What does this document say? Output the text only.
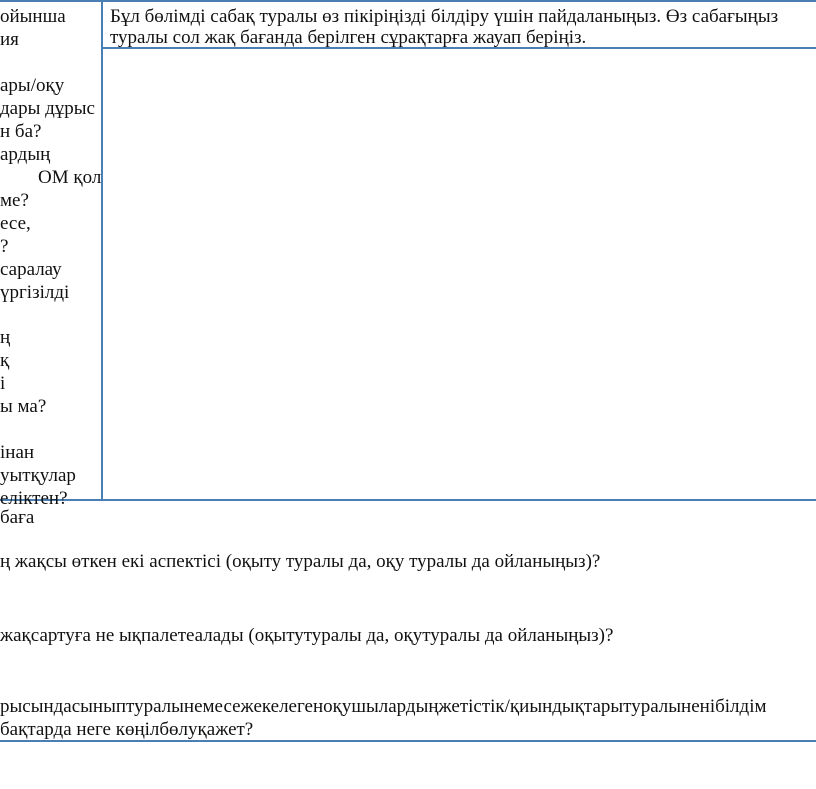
ойынша
ия
ары/оқу
дары дұрыс
н ба?
ардың
ОМ қол
ме?
есе,
?
саралау
үргізілді
ң
қ
і
ы ма?
інан
уытқулар
еліктен?
Бұл бөлімді сабақ туралы өз пікіріңізді білдіру үшін пайдаланыңыз. Өз сабағыңыз
туралы сол жақ бағанда берілген сұрақтарға жауап беріңіз.
баға
ң жақсы өткен екі аспектісі (оқыту туралы да, оқу туралы да ойланыңыз)?
жақсартуға не ықпалетеалады (оқытутуралы да, оқутуралы да ойланыңыз)?
рысындасыныптуралынемесежекелегеноқушылардыңжетістік/қиындықтарытуралыненібілдім
бақтарда неге көңілбөлуқажет?
